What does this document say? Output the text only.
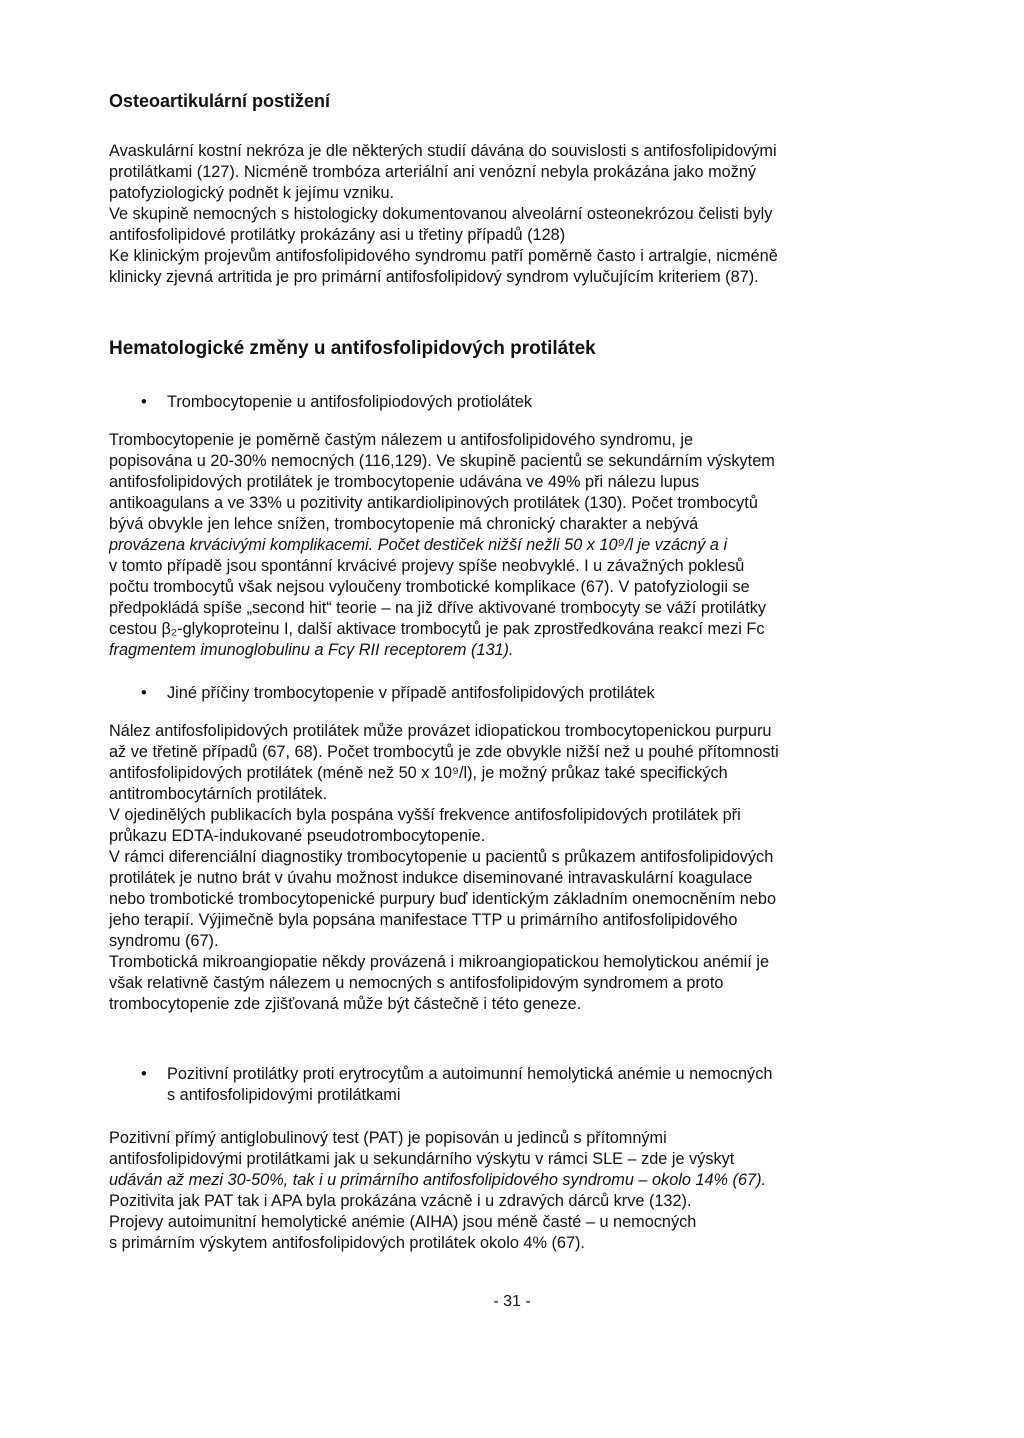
Osteoartikulární postižení

Avaskulární kostní nekróza je dle některých studií dávána do souvislosti s antifosfolipidovými
protilátkami (127). Nicméně trombóza arteriální ani venózní nebyla prokázána jako možný
patofyziologický podnět k jejímu vzniku.
Ve skupině nemocných s histologicky dokumentovanou alveolární osteonekrózou čelisti byly
antifosfolipidové protilátky prokázány asi u třetiny případů (128)
Ke klinickým projevům antifosfolipidového syndromu patří poměrně často i artralgie, nicméně
klinicky zjevná artritida je pro primární antifosfolipidový syndrom vylučujícím kriteriem (87).

Hematologické změny u antifosfolipidových protilátek

• Trombocytopenie u antifosfolipiodových protiolátek

Trombocytopenie je poměrně častým nálezem u antifosfolipidového syndromu, je
popisována u 20-30% nemocných (116,129). Ve skupině pacientů se sekundárním výskytem
antifosfolipidových protilátek je trombocytopenie udávána ve 49% při nálezu lupus
antikoagulans a ve 33% u pozitivity antikardiolipinových protilátek (130). Počet trombocytů
bývá obvykle jen lehce snížen, trombocytopenie má chronický charakter a nebývá
provázena krvácivými komplikacemi. Počet destiček nižší nežli 50 x 10⁹/l je vzácný a i
v tomto případě jsou spontánní krvácivé projevy spíše neobvyklé. I u závažných poklesů
počtu trombocytů však nejsou vyloučeny trombotické komplikace (67). V patofyziologii se
předpokládá spíše „second hit“ teorie – na již dříve aktivované trombocyty se váží protilátky
cestou β₂-glykoproteinu I, další aktivace trombocytů je pak zprostředkována reakcí mezi Fc
fragmentem imunoglobulinu a Fcγ RII receptorem (131).

• Jiné příčiny trombocytopenie v případě antifosfolipidových protilátek

Nález antifosfolipidových protilátek může provázet idiopatickou trombocytopenickou purpuru
až ve třetině případů (67, 68). Počet trombocytů je zde obvykle nižší než u pouhé přítomnosti
antifosfolipidových protilátek (méně než 50 x 10⁹/l), je možný průkaz také specifických
antitrombocytárních protilátek.
V ojedinělých publikacích byla pospána vyšší frekvence antifosfolipidových protilátek při
průkazu EDTA-indukované pseudotrombocytopenie.
V rámci diferenciální diagnostiky trombocytopenie u pacientů s průkazem antifosfolipidových
protilátek je nutno brát v úvahu možnost indukce diseminované intravaskulární koagulace
nebo trombotické trombocytopenické purpury buď identickým základním onemocněním nebo
jeho terapií. Výjimečně byla popsána manifestace TTP u primárního antifosfolipidového
syndromu (67).
Trombotická mikroangiopatie někdy provázená i mikroangiopatickou hemolytickou anémií je
však relativně častým nálezem u nemocných s antifosfolipidovým syndromem a proto
trombocytopenie zde zjišťovaná může být částečně i této geneze.

• Pozitivní protilátky proti erytrocytům a autoimunní hemolytická anémie u nemocných
s antifosfolipidovými protilátkami

Pozitivní přímý antiglobulinový test (PAT) je popisován u jedinců s přítomnými
antifosfolipidovými protilátkami jak u sekundárního výskytu v rámci SLE – zde je výskyt
udáván až mezi 30-50%, tak i u primárního antifosfolipidového syndromu – okolo 14% (67).
Pozitivita jak PAT tak i APA byla prokázána vzácně i u zdravých dárců krve (132).
Projevy autoimunitní hemolytické anémie (AIHA) jsou méně časté – u nemocných
s primárním výskytem antifosfolipidových protilátek okolo 4% (67).

- 31 -
